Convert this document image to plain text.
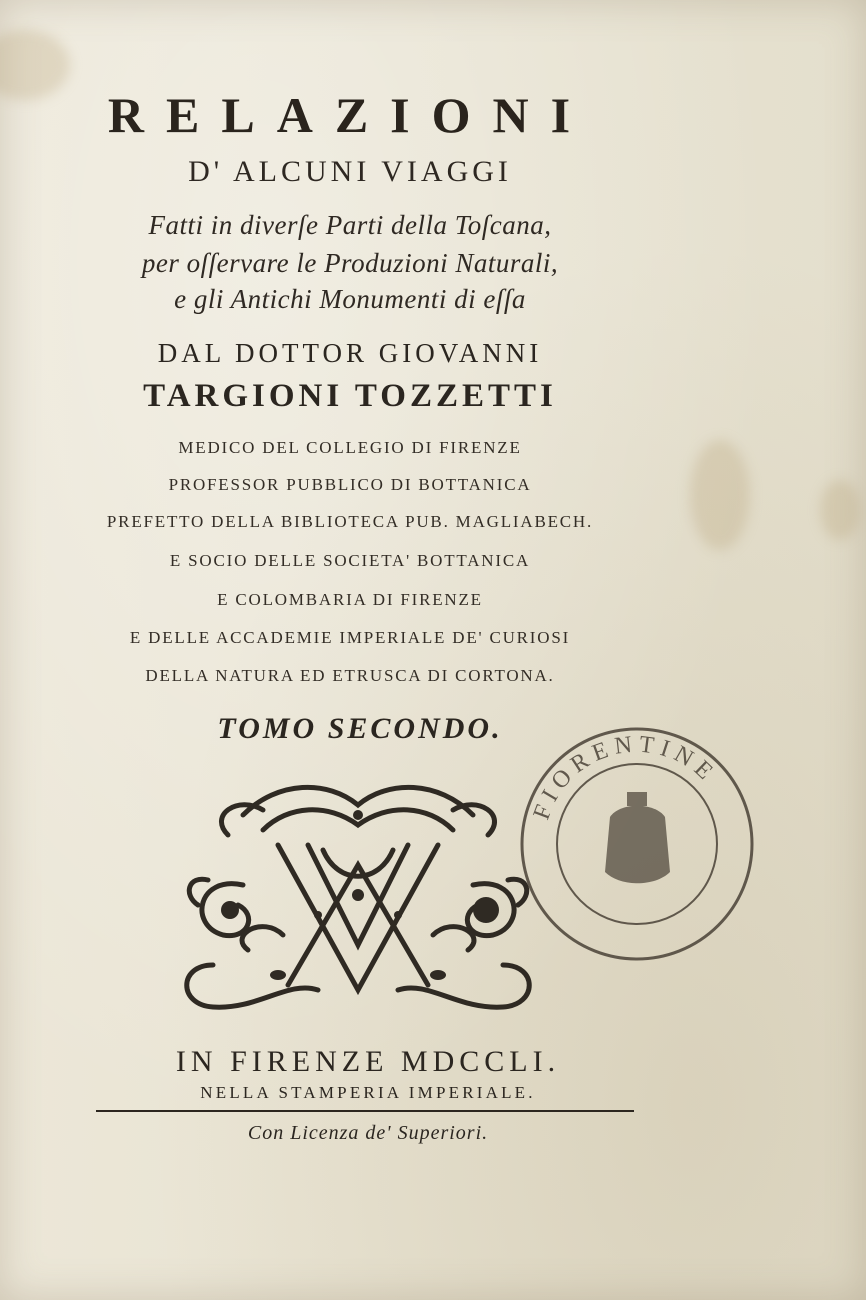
RELAZIONI
D' ALCUNI VIAGGI
Fatti in diverſe Parti della Toſcana,
per oſſervare le Produzioni Naturali,
e gli Antichi Monumenti di eſſa
DAL DOTTOR GIOVANNI
TARGIONI TOZZETTI
MEDICO DEL COLLEGIO DI FIRENZE
PROFESSOR PUBBLICO DI BOTTANICA
PREFETTO DELLA BIBLIOTECA PUB. MAGLIABECH.
E SOCIO DELLE SOCIETA' BOTTANICA
E COLOMBARIA DI FIRENZE
E DELLE ACCADEMIE IMPERIALE DE' CURIOSI
DELLA NATURA ED ETRUSCA DI CORTONA.
TOMO SECONDO.
FIORENTINE
IN FIRENZE MDCCLI.
NELLA STAMPERIA IMPERIALE.
Con Licenza de' Superiori.
